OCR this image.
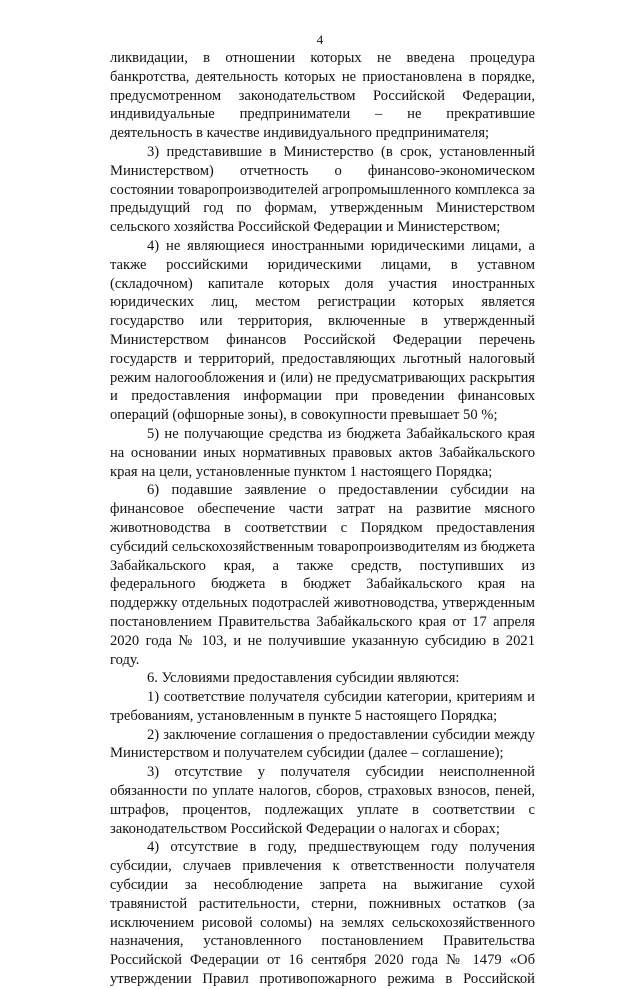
4

ликвидации, в отношении которых не введена процедура банкротства, деятельность которых не приостановлена в порядке, предусмотренном законодательством Российской Федерации, индивидуальные предприниматели – не прекратившие деятельность в качестве индивидуального предпринимателя;

3) представившие в Министерство (в срок, установленный Министерством) отчетность о финансово-экономическом состоянии товаропроизводителей агропромышленного комплекса за предыдущий год по формам, утвержденным Министерством сельского хозяйства Российской Федерации и Министерством;

4) не являющиеся иностранными юридическими лицами, а также российскими юридическими лицами, в уставном (складочном) капитале которых доля участия иностранных юридических лиц, местом регистрации которых является государство или территория, включенные в утвержденный Министерством финансов Российской Федерации перечень государств и территорий, предоставляющих льготный налоговый режим налогообложения и (или) не предусматривающих раскрытия и предоставления информации при проведении финансовых операций (офшорные зоны), в совокупности превышает 50 %;

5) не получающие средства из бюджета Забайкальского края на основании иных нормативных правовых актов Забайкальского края на цели, установленные пунктом 1 настоящего Порядка;

6) подавшие заявление о предоставлении субсидии на финансовое обеспечение части затрат на развитие мясного животноводства в соответствии с Порядком предоставления субсидий сельскохозяйственным товаропроизводителям из бюджета Забайкальского края, а также средств, поступивших из федерального бюджета в бюджет Забайкальского края на поддержку отдельных подотраслей животноводства, утвержденным постановлением Правительства Забайкальского края от 17 апреля 2020 года № 103, и не получившие указанную субсидию в 2021 году.

6. Условиями предоставления субсидии являются:

1) соответствие получателя субсидии категории, критериям и требованиям, установленным в пункте 5 настоящего Порядка;

2) заключение соглашения о предоставлении субсидии между Министерством и получателем субсидии (далее – соглашение);

3) отсутствие у получателя субсидии неисполненной обязанности по уплате налогов, сборов, страховых взносов, пеней, штрафов, процентов, подлежащих уплате в соответствии с законодательством Российской Федерации о налогах и сборах;

4) отсутствие в году, предшествующем году получения субсидии, случаев привлечения к ответственности получателя субсидии за несоблюдение запрета на выжигание сухой травянистой растительности, стерни, пожнивных остатков (за исключением рисовой соломы) на землях сельскохозяйственного назначения, установленного постановлением Правительства Российской Федерации от 16 сентября 2020 года № 1479 «Об утверждении Правил противопожарного режима в Российской
